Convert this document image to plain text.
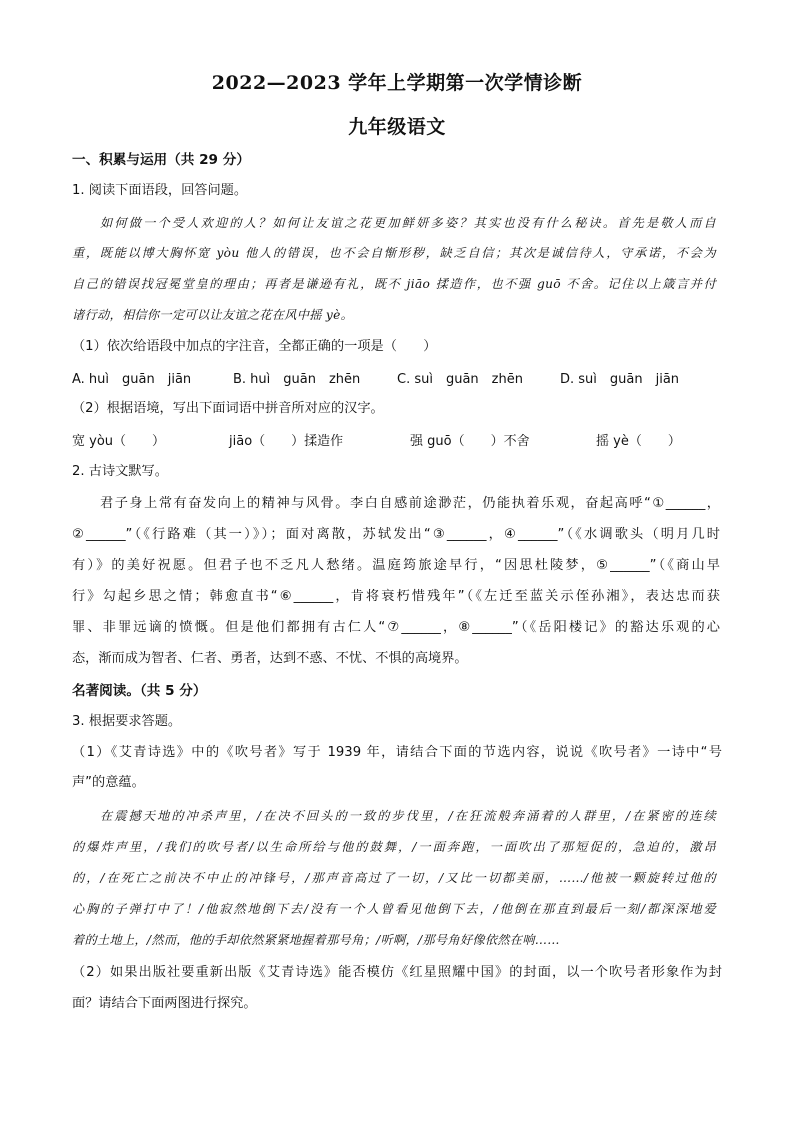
2022—2023 学年上学期第一次学情诊断
九年级语文
一、积累与运用（共 29 分）
1. 阅读下面语段，回答问题。
如何做一个受人欢迎的人？如何让友谊之花更加鲜妍多姿？其实也没有什么秘诀。首先是敬人而自
重，既能以博大胸怀宽 yòu 他人的错误，也不会自惭形秽，缺乏自信；其次是诚信待人，守承诺，不会为
自己的错误找冠冕堂皇的理由；再者是谦逊有礼，既不 jiāo 揉造作，也不强 guō 不舍。记住以上箴言并付
诸行动，相信你一定可以让友谊之花在风中摇 yè。
（1）依次给语段中加点的字注音，全都正确的一项是（　　）
A. huì　guān　jiān	B. huì　guān　zhēn	C. suì　guān　zhēn	D. suì　guān　jiān
（2）根据语境，写出下面词语中拼音所对应的汉字。
宽 yòu（　　）	jiāo（　　）揉造作	强 guō（　　）不舍	摇 yè（　　）
2. 古诗文默写。
君子身上常有奋发向上的精神与风骨。李白自感前途渺茫，仍能执着乐观，奋起高呼“①______，
②______”（《行路难（其一）》）；面对离散，苏轼发出“③______，④______”（《水调歌头（明月几时
有）》的美好祝愿。但君子也不乏凡人愁绪。温庭筠旅途早行，“因思杜陵梦，⑤______”（《商山早
行》勾起乡思之情；韩愈直书“⑥______，肯将衰朽惜残年”（《左迁至蓝关示侄孙湘》，表达忠而获
罪、非罪远谪的愤慨。但是他们都拥有古仁人“⑦______，⑧______”（《岳阳楼记》的豁达乐观的心
态，渐而成为智者、仁者、勇者，达到不惑、不忧、不惧的高境界。
名著阅读。（共 5 分）
3. 根据要求答题。
（1）《艾青诗选》中的《吹号者》写于 1939 年，请结合下面的节选内容，说说《吹号者》一诗中“号
声”的意蕴。
在震撼天地的冲杀声里，/在决不回头的一致的步伐里，/在狂流般奔涌着的人群里，/在紧密的连续
的爆炸声里，/我们的吹号者/以生命所给与他的鼓舞，/一面奔跑，一面吹出了那短促的，急迫的，激昂
的，/在死亡之前决不中止的冲锋号，/那声音高过了一切，/又比一切都美丽，……/他被一颗旋转过他的
心胸的子弹打中了！/他寂然地倒下去/没有一个人曾看见他倒下去，/他倒在那直到最后一刻/都深深地爱
着的土地上，/然而，他的手却依然紧紧地握着那号角；/听啊，/那号角好像依然在响……
（2）如果出版社要重新出版《艾青诗选》能否模仿《红星照耀中国》的封面，以一个吹号者形象作为封
面？请结合下面两图进行探究。
